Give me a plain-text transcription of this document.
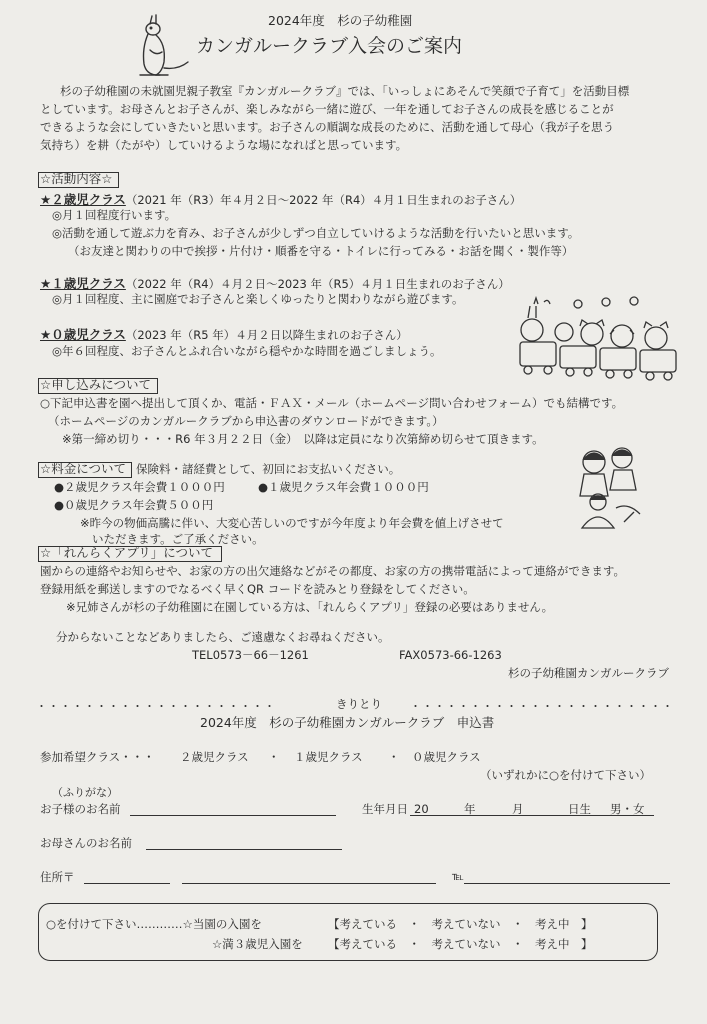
2024年度　杉の子幼稚園
カンガルークラブ入会のご案内
杉の子幼稚園の未就園児親子教室『カンガルークラブ』では、「いっしょにあそんで笑顔で子育て」を活動目標
としています。お母さんとお子さんが、楽しみながら一緒に遊び、一年を通してお子さんの成長を感じることが
できるような会にしていきたいと思います。お子さんの順調な成長のために、活動を通して母心（我が子を思う
気持ち）を耕（たがや）していけるような場になればと思っています。
☆活動内容☆
★２歳児クラス（2021 年（R3）年４月２日～2022 年（R4）４月１日生まれのお子さん）
◎月１回程度行います。
◎活動を通して遊ぶ力を育み、お子さんが少しずつ自立していけるような活動を行いたいと思います。
（お友達と関わりの中で挨拶・片付け・順番を守る・トイレに行ってみる・お話を聞く・製作等）
★１歳児クラス（2022 年（R4）４月２日～2023 年（R5）４月１日生まれのお子さん）
◎月１回程度、主に園庭でお子さんと楽しくゆったりと関わりながら遊びます。
★０歳児クラス（2023 年（R5 年）４月２日以降生まれのお子さん）
◎年６回程度、お子さんとふれ合いながら穏やかな時間を過ごしましょう。
☆申し込みについて
○下記申込書を園へ提出して頂くか、電話・ＦＡＸ・メール（ホームページ問い合わせフォーム）でも結構です。
（ホームページのカンガルークラブから申込書のダウンロードができます。）
※第一締め切り・・・R6 年３月２２日（金）　以降は定員になり次第締め切らせて頂きます。
☆料金について 保険料・諸経費として、初回にお支払いください。
●２歳児クラス年会費１０００円	●１歳児クラス年会費１０００円
●０歳児クラス年会費５００円
※昨今の物価高騰に伴い、大変心苦しいのですが今年度より年会費を値上げさせて
いただきます。ご了承ください。
☆「れんらくアプリ」について
園からの連絡やお知らせや、お家の方の出欠連絡などがその都度、お家の方の携帯電話によって連絡ができます。
登録用紙を郵送しますのでなるべく早くQR コードを読みとり登録をしてください。
※兄姉さんが杉の子幼稚園に在園している方は、「れんらくアプリ」登録の必要はありません。
分からないことなどありましたら、ご遠慮なくお尋ねください。
TEL0573－66－1261	FAX0573-66-1263
杉の子幼稚園カンガルークラブ
・・・・・・・・・・・・・・・・・・・・	きりとり	・・・・・・・・・・・・・・・・・・・・・・
2024年度　杉の子幼稚園カンガルークラブ　申込書
参加希望クラス・・・ ２歳児クラス ・ １歳児クラス ・ ０歳児クラス
（いずれかに○を付けて下さい）
（ふりがな）
お子様のお名前	生年月日 20	年	月	日生 男・女
お母さんのお名前
住所〒	℡
○を付けて下さい…………☆当園の入園を	【考えている　・　考えていない　・　考え中　】
☆満３歳児入園を 【考えている　・　考えていない　・　考え中　】
